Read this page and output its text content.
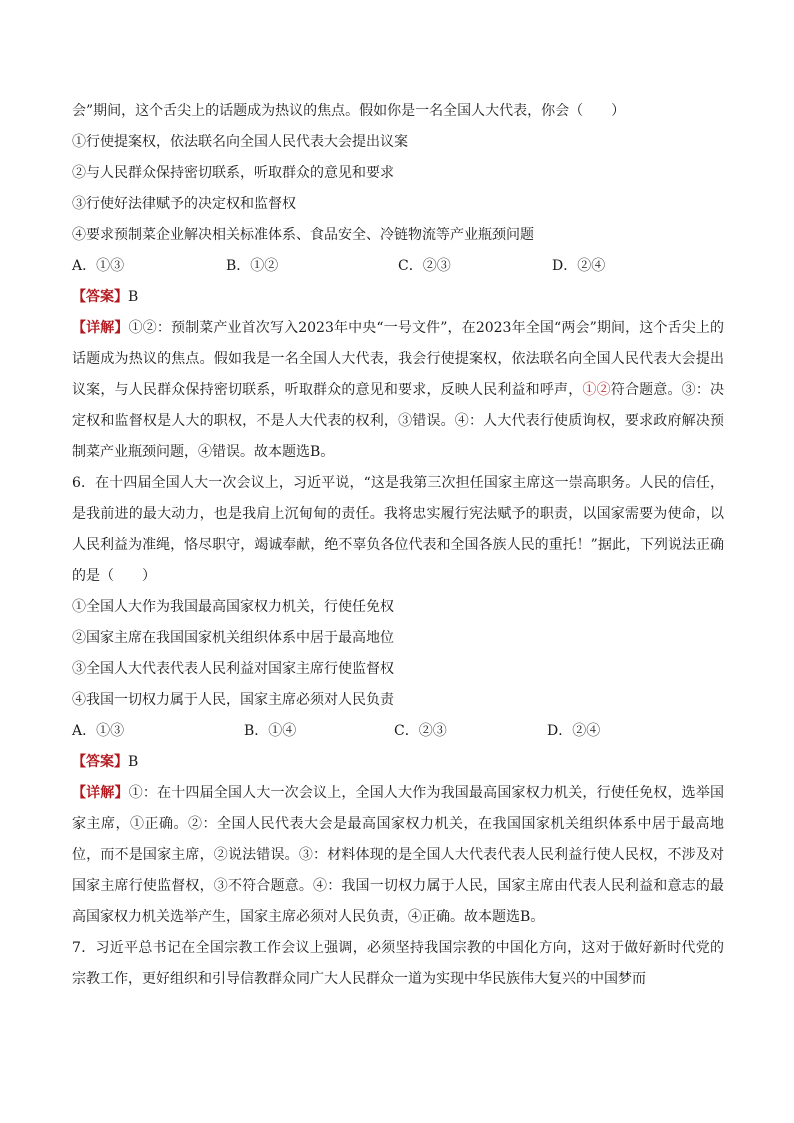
会”期间，这个舌尖上的话题成为热议的焦点。假如你是一名全国人大代表，你会（　　）

①行使提案权，依法联名向全国人民代表大会提出议案

②与人民群众保持密切联系，听取群众的意见和要求

③行使好法律赋予的决定权和监督权

④要求预制菜企业解决相关标准体系、食品安全、冷链物流等产业瓶颈问题

A．①③	B．①②	C．②③	D．②④

【答案】B

【详解】①②：预制菜产业首次写入2023年中央“一号文件”，在2023年全国“两会”期间，这个舌尖上的话题成为热议的焦点。假如我是一名全国人大代表，我会行使提案权，依法联名向全国人民代表大会提出议案，与人民群众保持密切联系，听取群众的意见和要求，反映人民利益和呼声，①②符合题意。③：决定权和监督权是人大的职权，不是人大代表的权利，③错误。④：人大代表行使质询权，要求政府解决预制菜产业瓶颈问题，④错误。故本题选B。

6．在十四届全国人大一次会议上，习近平说，“这是我第三次担任国家主席这一崇高职务。人民的信任，是我前进的最大动力，也是我肩上沉甸甸的责任。我将忠实履行宪法赋予的职责，以国家需要为使命，以人民利益为准绳，恪尽职守，竭诚奉献，绝不辜负各位代表和全国各族人民的重托！”据此，下列说法正确的是（　　）

①全国人大作为我国最高国家权力机关，行使任免权

②国家主席在我国国家机关组织体系中居于最高地位

③全国人大代表代表人民利益对国家主席行使监督权

④我国一切权力属于人民，国家主席必须对人民负责

A．①③	B．①④	C．②③	D．②④

【答案】B

【详解】①：在十四届全国人大一次会议上，全国人大作为我国最高国家权力机关，行使任免权，选举国家主席，①正确。②：全国人民代表大会是最高国家权力机关，在我国国家机关组织体系中居于最高地位，而不是国家主席，②说法错误。③：材料体现的是全国人大代表代表人民利益行使人民权，不涉及对国家主席行使监督权，③不符合题意。④：我国一切权力属于人民，国家主席由代表人民利益和意志的最高国家权力机关选举产生，国家主席必须对人民负责，④正确。故本题选B。

7．习近平总书记在全国宗教工作会议上强调，必须坚持我国宗教的中国化方向，这对于做好新时代党的宗教工作，更好组织和引导信教群众同广大人民群众一道为实现中华民族伟大复兴的中国梦而
